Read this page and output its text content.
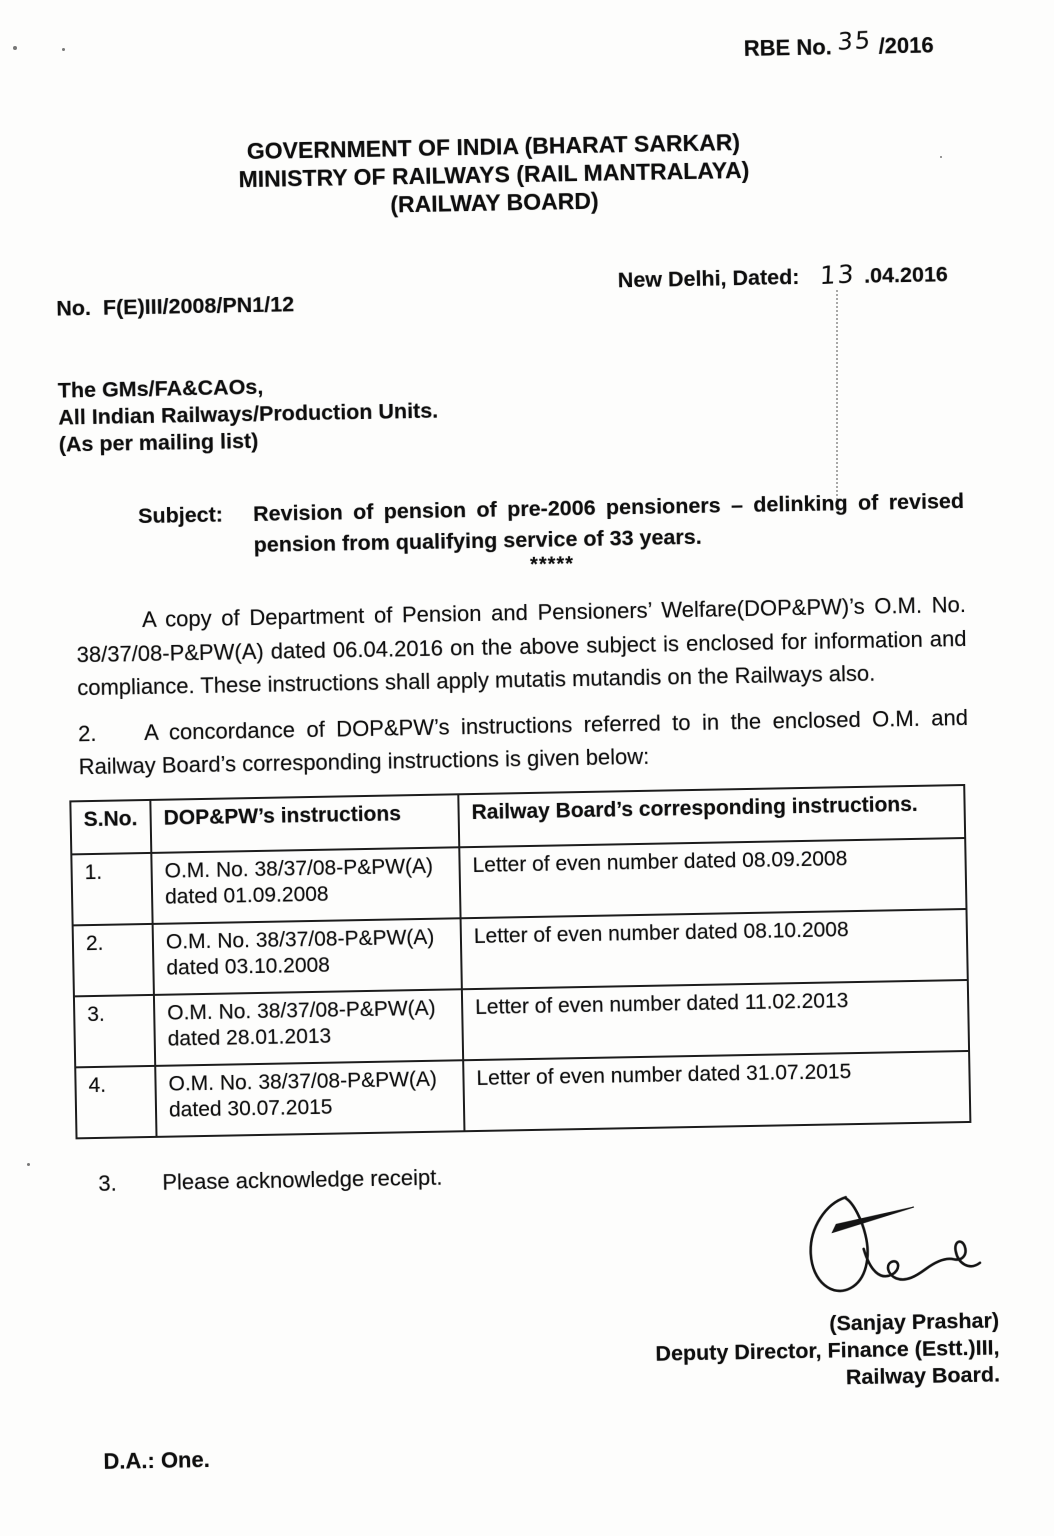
RBE No. 35 /2016
GOVERNMENT OF INDIA (BHARAT SARKAR)
MINISTRY OF RAILWAYS (RAIL MANTRALAYA)
(RAILWAY BOARD)
No.  F(E)III/2008/PN1/12
New Delhi, Dated: 13 .04.2016
The GMs/FA&CAOs,
All Indian Railways/Production Units.
(As per mailing list)
Subject:	Revision of pension of pre-2006 pensioners – delinking of revised pension from qualifying service of 33 years.
*****

A copy of Department of Pension and Pensioners’ Welfare(DOP&PW)’s O.M. No. 38/37/08-P&PW(A) dated 06.04.2016 on the above subject is enclosed for information and compliance. These instructions shall apply mutatis mutandis on the Railways also.

2. A concordance of DOP&PW’s instructions referred to in the enclosed O.M. and Railway Board’s corresponding instructions is given below:

S.No.	DOP&PW’s instructions	Railway Board’s corresponding instructions.
1.	O.M. No. 38/37/08-P&PW(A) dated 01.09.2008	Letter of even number dated 08.09.2008
2.	O.M. No. 38/37/08-P&PW(A) dated 03.10.2008	Letter of even number dated 08.10.2008
3.	O.M. No. 38/37/08-P&PW(A) dated 28.01.2013	Letter of even number dated 11.02.2013
4.	O.M. No. 38/37/08-P&PW(A) dated 30.07.2015	Letter of even number dated 31.07.2015

3. Please acknowledge receipt.

(Sanjay Prashar)
Deputy Director, Finance (Estt.)III,
Railway Board.
D.A.: One.
